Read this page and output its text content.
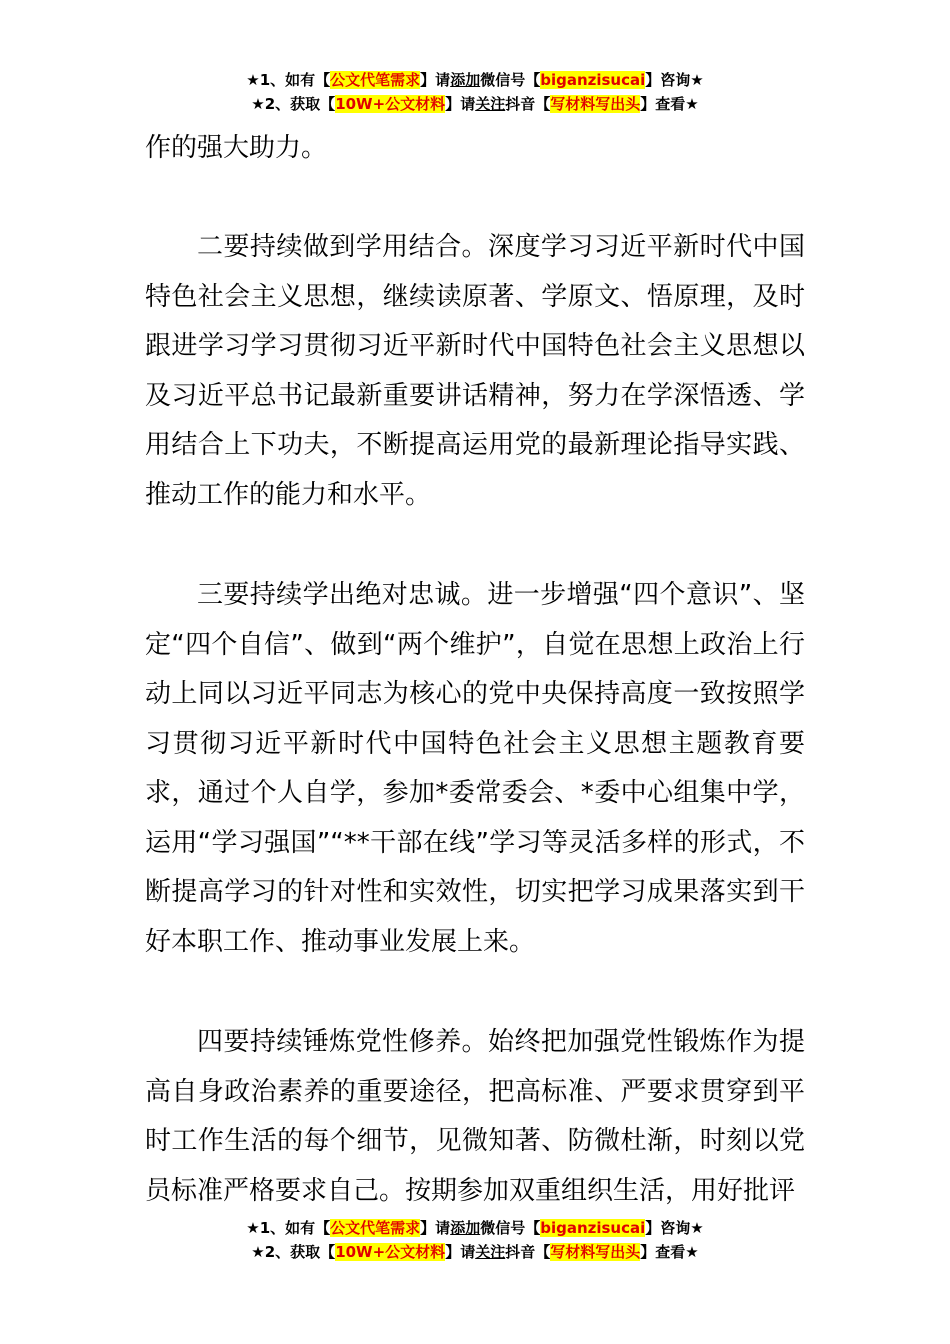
★1、如有【公文代笔需求】请添加微信号【biganzisucai】咨询★
★2、获取【10W+公文材料】请关注抖音【写材料写出头】查看★

作的强大助力。

二要持续做到学用结合。深度学习习近平新时代中国特色社会主义思想，继续读原著、学原文、悟原理，及时跟进学习学习贯彻习近平新时代中国特色社会主义思想以及习近平总书记最新重要讲话精神，努力在学深悟透、学用结合上下功夫，不断提高运用党的最新理论指导实践、推动工作的能力和水平。

三要持续学出绝对忠诚。进一步增强“四个意识”、坚定“四个自信”、做到“两个维护”，自觉在思想上政治上行动上同以习近平同志为核心的党中央保持高度一致按照学习贯彻习近平新时代中国特色社会主义思想主题教育要求，通过个人自学，参加*委常委会、*委中心组集中学，运用“学习强国”“**干部在线”学习等灵活多样的形式，不断提高学习的针对性和实效性，切实把学习成果落实到干好本职工作、推动事业发展上来。

四要持续锤炼党性修养。始终把加强党性锻炼作为提高自身政治素养的重要途径，把高标准、严要求贯穿到平时工作生活的每个细节，见微知著、防微杜渐，时刻以党员标准严格要求自己。按期参加双重组织生活，用好批评

★1、如有【公文代笔需求】请添加微信号【biganzisucai】咨询★
★2、获取【10W+公文材料】请关注抖音【写材料写出头】查看★
